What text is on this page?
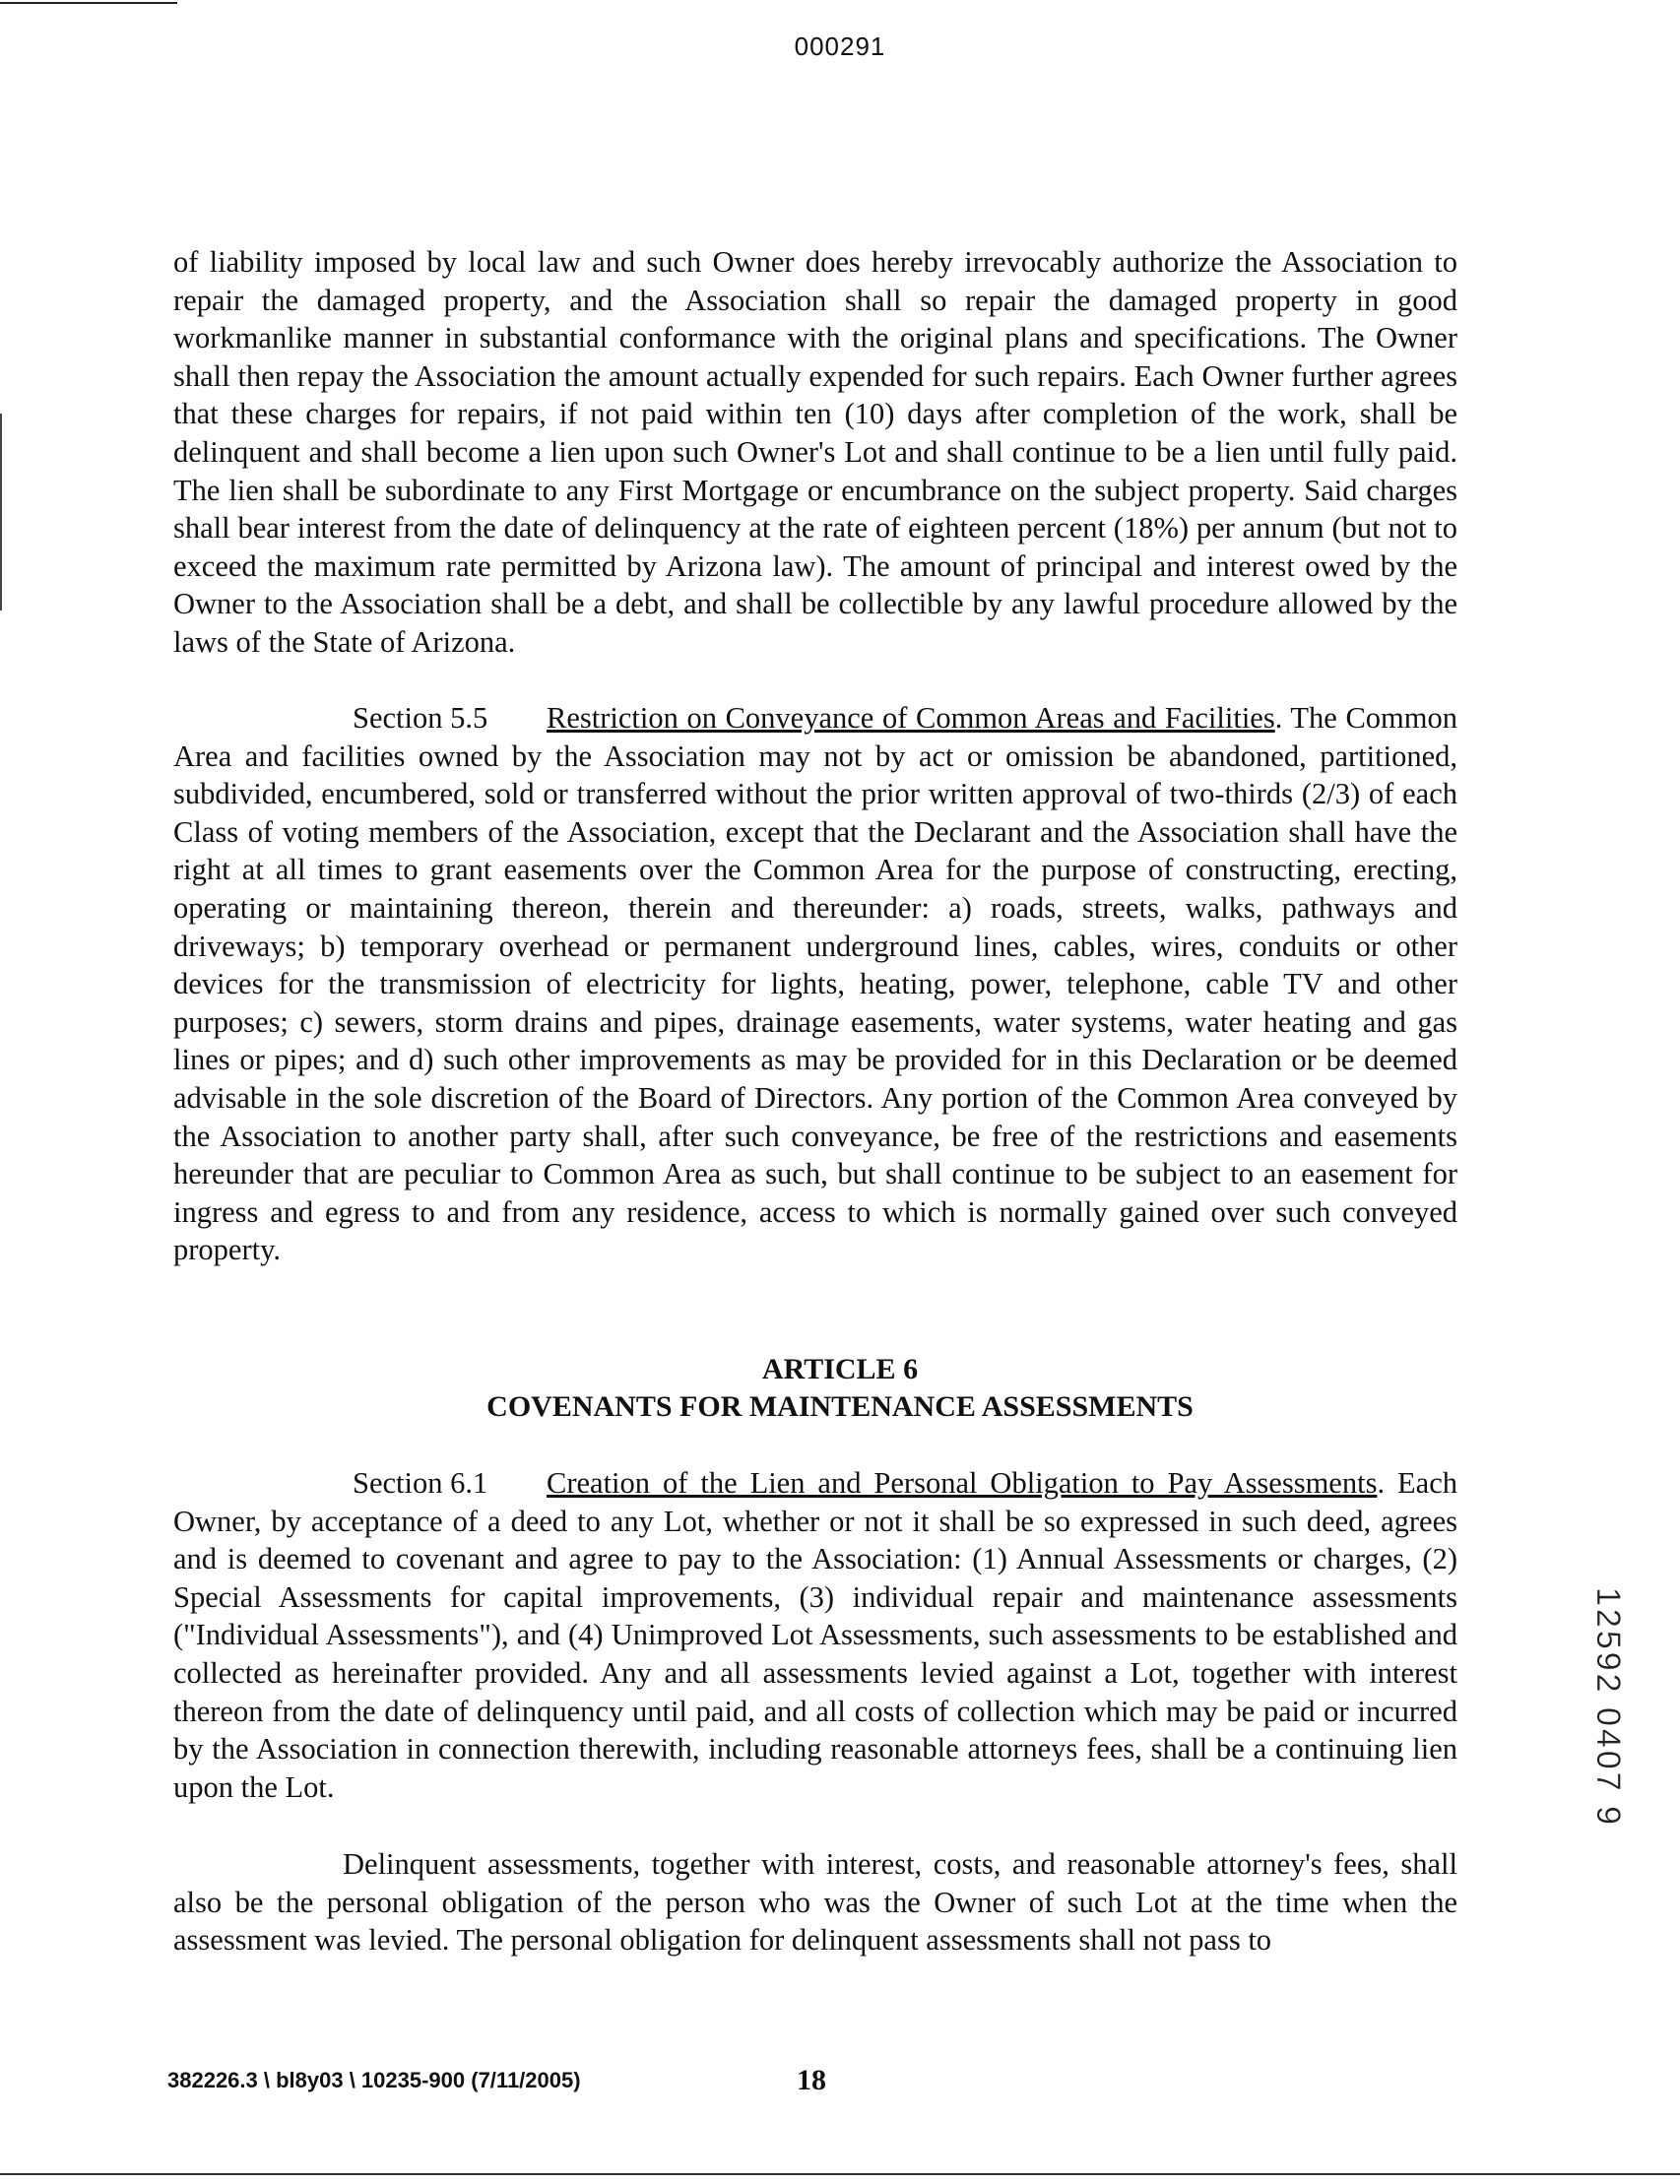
000291

of liability imposed by local law and such Owner does hereby irrevocably authorize the Association to repair the damaged property, and the Association shall so repair the damaged property in good workmanlike manner in substantial conformance with the original plans and specifications. The Owner shall then repay the Association the amount actually expended for such repairs. Each Owner further agrees that these charges for repairs, if not paid within ten (10) days after completion of the work, shall be delinquent and shall become a lien upon such Owner's Lot and shall continue to be a lien until fully paid. The lien shall be subordinate to any First Mortgage or encumbrance on the subject property. Said charges shall bear interest from the date of delinquency at the rate of eighteen percent (18%) per annum (but not to exceed the maximum rate permitted by Arizona law). The amount of principal and interest owed by the Owner to the Association shall be a debt, and shall be collectible by any lawful procedure allowed by the laws of the State of Arizona.

Section 5.5 Restriction on Conveyance of Common Areas and Facilities. The Common Area and facilities owned by the Association may not by act or omission be abandoned, partitioned, subdivided, encumbered, sold or transferred without the prior written approval of two-thirds (2/3) of each Class of voting members of the Association, except that the Declarant and the Association shall have the right at all times to grant easements over the Common Area for the purpose of constructing, erecting, operating or maintaining thereon, therein and thereunder: a) roads, streets, walks, pathways and driveways; b) temporary overhead or permanent underground lines, cables, wires, conduits or other devices for the transmission of electricity for lights, heating, power, telephone, cable TV and other purposes; c) sewers, storm drains and pipes, drainage easements, water systems, water heating and gas lines or pipes; and d) such other improvements as may be provided for in this Declaration or be deemed advisable in the sole discretion of the Board of Directors. Any portion of the Common Area conveyed by the Association to another party shall, after such conveyance, be free of the restrictions and easements hereunder that are peculiar to Common Area as such, but shall continue to be subject to an easement for ingress and egress to and from any residence, access to which is normally gained over such conveyed property.

ARTICLE 6
COVENANTS FOR MAINTENANCE ASSESSMENTS

Section 6.1 Creation of the Lien and Personal Obligation to Pay Assessments. Each Owner, by acceptance of a deed to any Lot, whether or not it shall be so expressed in such deed, agrees and is deemed to covenant and agree to pay to the Association: (1) Annual Assessments or charges, (2) Special Assessments for capital improvements, (3) individual repair and maintenance assessments ("Individual Assessments"), and (4) Unimproved Lot Assessments, such assessments to be established and collected as hereinafter provided. Any and all assessments levied against a Lot, together with interest thereon from the date of delinquency until paid, and all costs of collection which may be paid or incurred by the Association in connection therewith, including reasonable attorneys fees, shall be a continuing lien upon the Lot.

Delinquent assessments, together with interest, costs, and reasonable attorney's fees, shall also be the personal obligation of the person who was the Owner of such Lot at the time when the assessment was levied. The personal obligation for delinquent assessments shall not pass to

12592 0407 9
382226.3 \ bl8y03 \ 10235-900 (7/11/2005)	18
